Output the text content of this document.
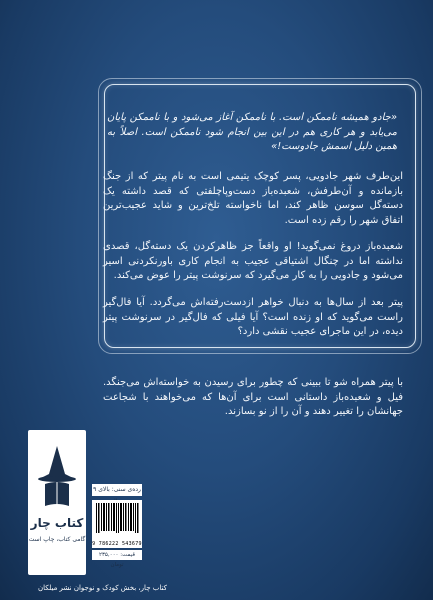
«جادو همیشه ناممکن است. با ناممکن آغاز می‌شود و با ناممکن پایان می‌یابد و هر کاری هم در این بین انجام شود ناممکن است. اصلاً به همین دلیل اسمش جادوست!»

این‌طرف شهر جادویی، پسر کوچک یتیمی است به نام پیتر که از جنگ بازمانده و آن‌طرفش، شعبده‌باز دست‌وپاچلفتی که قصد داشته یک دسته‌گل سوسن ظاهر کند، اما ناخواسته تلخ‌ترین و شاید عجیب‌ترین اتفاق شهر را رقم زده است.

شعبده‌باز دروغ نمی‌گوید! او واقعاً جز ظاهرکردن یک دسته‌گل، قصدی نداشته اما در چنگال اشتیاقی عجیب به انجام کاری باورنکردنی اسیر می‌شود و جادویی را به کار می‌گیرد که سرنوشت پیتر را عوض می‌کند.

پیتر بعد از سال‌ها به دنبال خواهر ازدست‌رفته‌اش می‌گردد. آیا فال‌گیر راست می‌گوید که او زنده است؟ آیا فیلی که فال‌گیر در سرنوشت پیتر دیده، در این ماجرای عجیب نقشی دارد؟

با پیتر همراه شو تا ببینی که چطور برای رسیدن به خواسته‌اش می‌جنگد. فیل و شعبده‌باز داستانی است برای آن‌ها که می‌خواهند با شجاعت جهانشان را تغییر دهند و آن را از نو بسازند.

کتاب چار
گامی کتاب، چاپ است
رده‌ی سنی: بالای ۹
9 786222 543679
قیمت: ۲۳۵,۰۰۰ تومان
کتاب چار، بخش کودک و نوجوان نشر میلکان
